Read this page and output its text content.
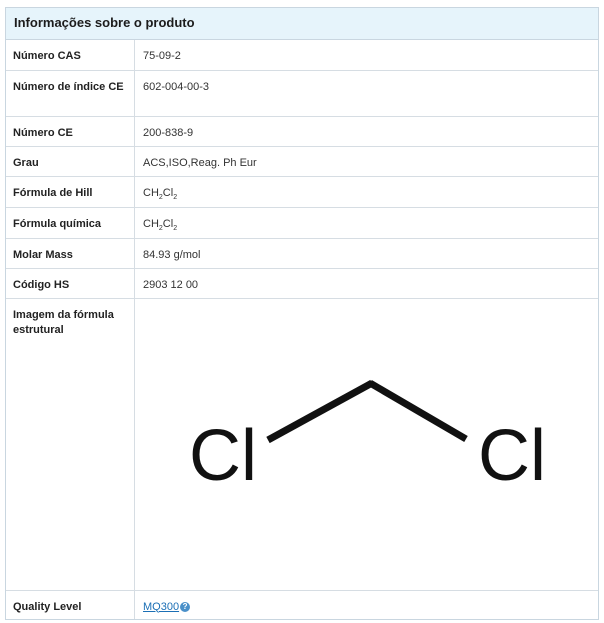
Informações sobre o produto
Número CAS	75-09-2
Número de índice CE	602-004-00-3
Número CE	200-838-9
Grau	ACS,ISO,Reag. Ph Eur
Fórmula de Hill	$CH_2Cl_2$
Fórmula química	$CH_2Cl_2$
Molar Mass	84.93 g/mol
Código HS	2903 12 00
Imagem da fórmula estrutural	Cl Cl

Quality Level	MQ300 ?
